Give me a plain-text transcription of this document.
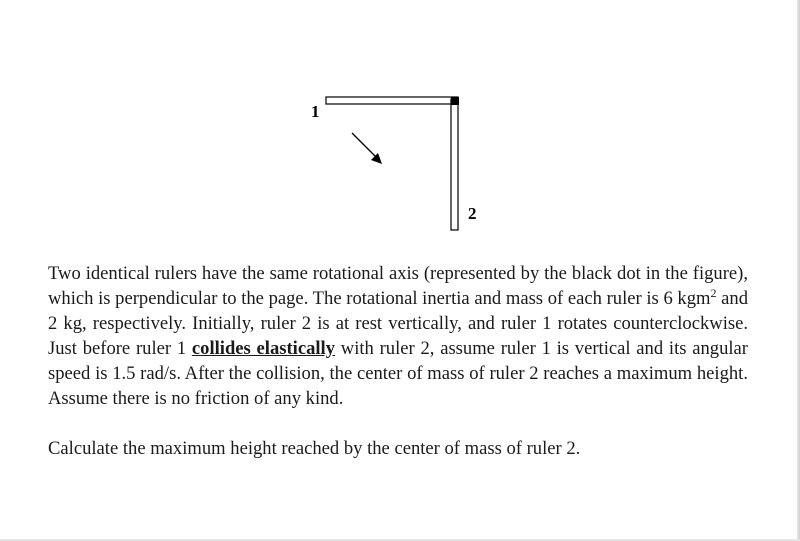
1
2

Two identical rulers have the same rotational axis (represented by the black dot in the figure), which is perpendicular to the page. The rotational inertia and mass of each ruler is 6 kgm$^2$ and 2 kg, respectively. Initially, ruler 2 is at rest vertically, and ruler 1 rotates counterclockwise. Just before ruler 1 collides elastically with ruler 2, assume ruler 1 is vertical and its angular speed is 1.5 rad/s. After the collision, the center of mass of ruler 2 reaches a maximum height. Assume there is no friction of any kind.

Calculate the maximum height reached by the center of mass of ruler 2.
